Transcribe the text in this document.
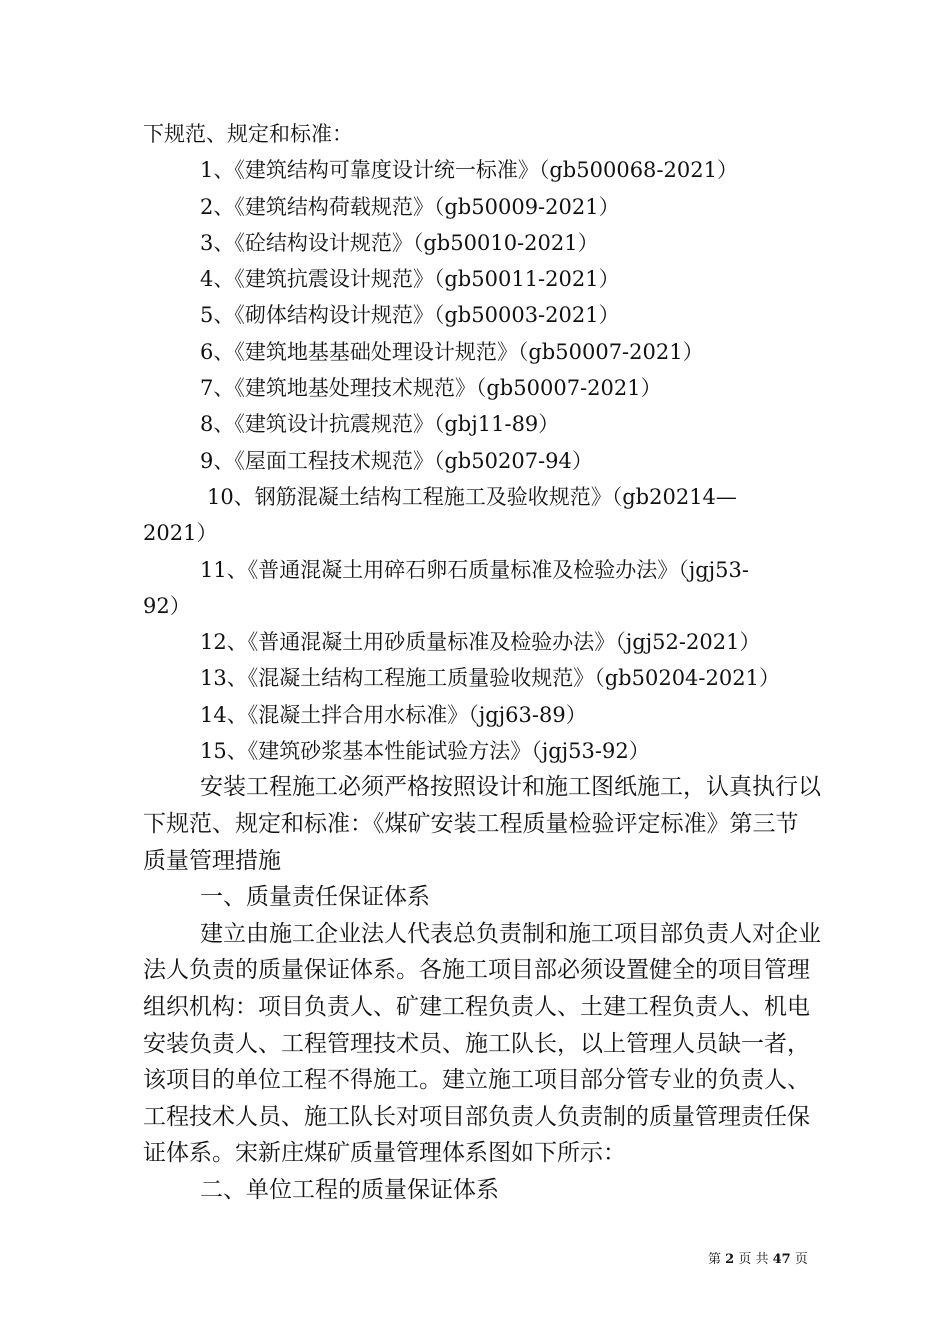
下规范、规定和标准：
1、《建筑结构可靠度设计统一标准》（gb500068-2021）
2、《建筑结构荷载规范》（gb50009-2021）
3、《砼结构设计规范》（gb50010-2021）
4、《建筑抗震设计规范》（gb50011-2021）
5、《砌体结构设计规范》（gb50003-2021）
6、《建筑地基基础处理设计规范》（gb50007-2021）
7、《建筑地基处理技术规范》（gb50007-2021）
8、《建筑设计抗震规范》（gbj11-89）
9、《屋面工程技术规范》（gb50207-94）
10、钢筋混凝土结构工程施工及验收规范》（gb20214—
2021）
11、《普通混凝土用碎石卵石质量标准及检验办法》（jgj53-
92）
12、《普通混凝土用砂质量标准及检验办法》（jgj52-2021）
13、《混凝土结构工程施工质量验收规范》（gb50204-2021）
14、《混凝土拌合用水标准》（jgj63-89）
15、《建筑砂浆基本性能试验方法》（jgj53-92）
安装工程施工必须严格按照设计和施工图纸施工，认真执行以
下规范、规定和标准：《煤矿安装工程质量检验评定标准》第三节
质量管理措施
一、质量责任保证体系
建立由施工企业法人代表总负责制和施工项目部负责人对企业
法人负责的质量保证体系。各施工项目部必须设置健全的项目管理
组织机构：项目负责人、矿建工程负责人、土建工程负责人、机电
安装负责人、工程管理技术员、施工队长，以上管理人员缺一者，
该项目的单位工程不得施工。建立施工项目部分管专业的负责人、
工程技术人员、施工队长对项目部负责人负责制的质量管理责任保
证体系。宋新庄煤矿质量管理体系图如下所示：
二、单位工程的质量保证体系
第 2 页 共 47 页
